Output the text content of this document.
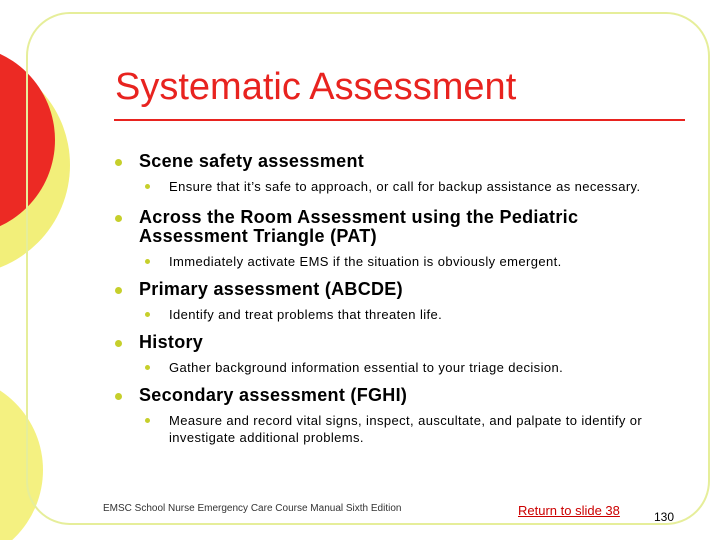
Systematic Assessment
Scene safety assessment
Ensure that it’s safe to approach, or call for backup assistance as necessary.
Across the Room Assessment using the Pediatric Assessment Triangle (PAT)
Immediately activate EMS if the situation is obviously emergent.
Primary assessment (ABCDE)
Identify and treat problems that threaten life.
History
Gather background information essential to your triage decision.
Secondary assessment (FGHI)
Measure and record vital signs, inspect, auscultate, and palpate to identify or investigate additional problems.
EMSC School Nurse Emergency Care Course Manual Sixth Edition	Return to slide 38	130
